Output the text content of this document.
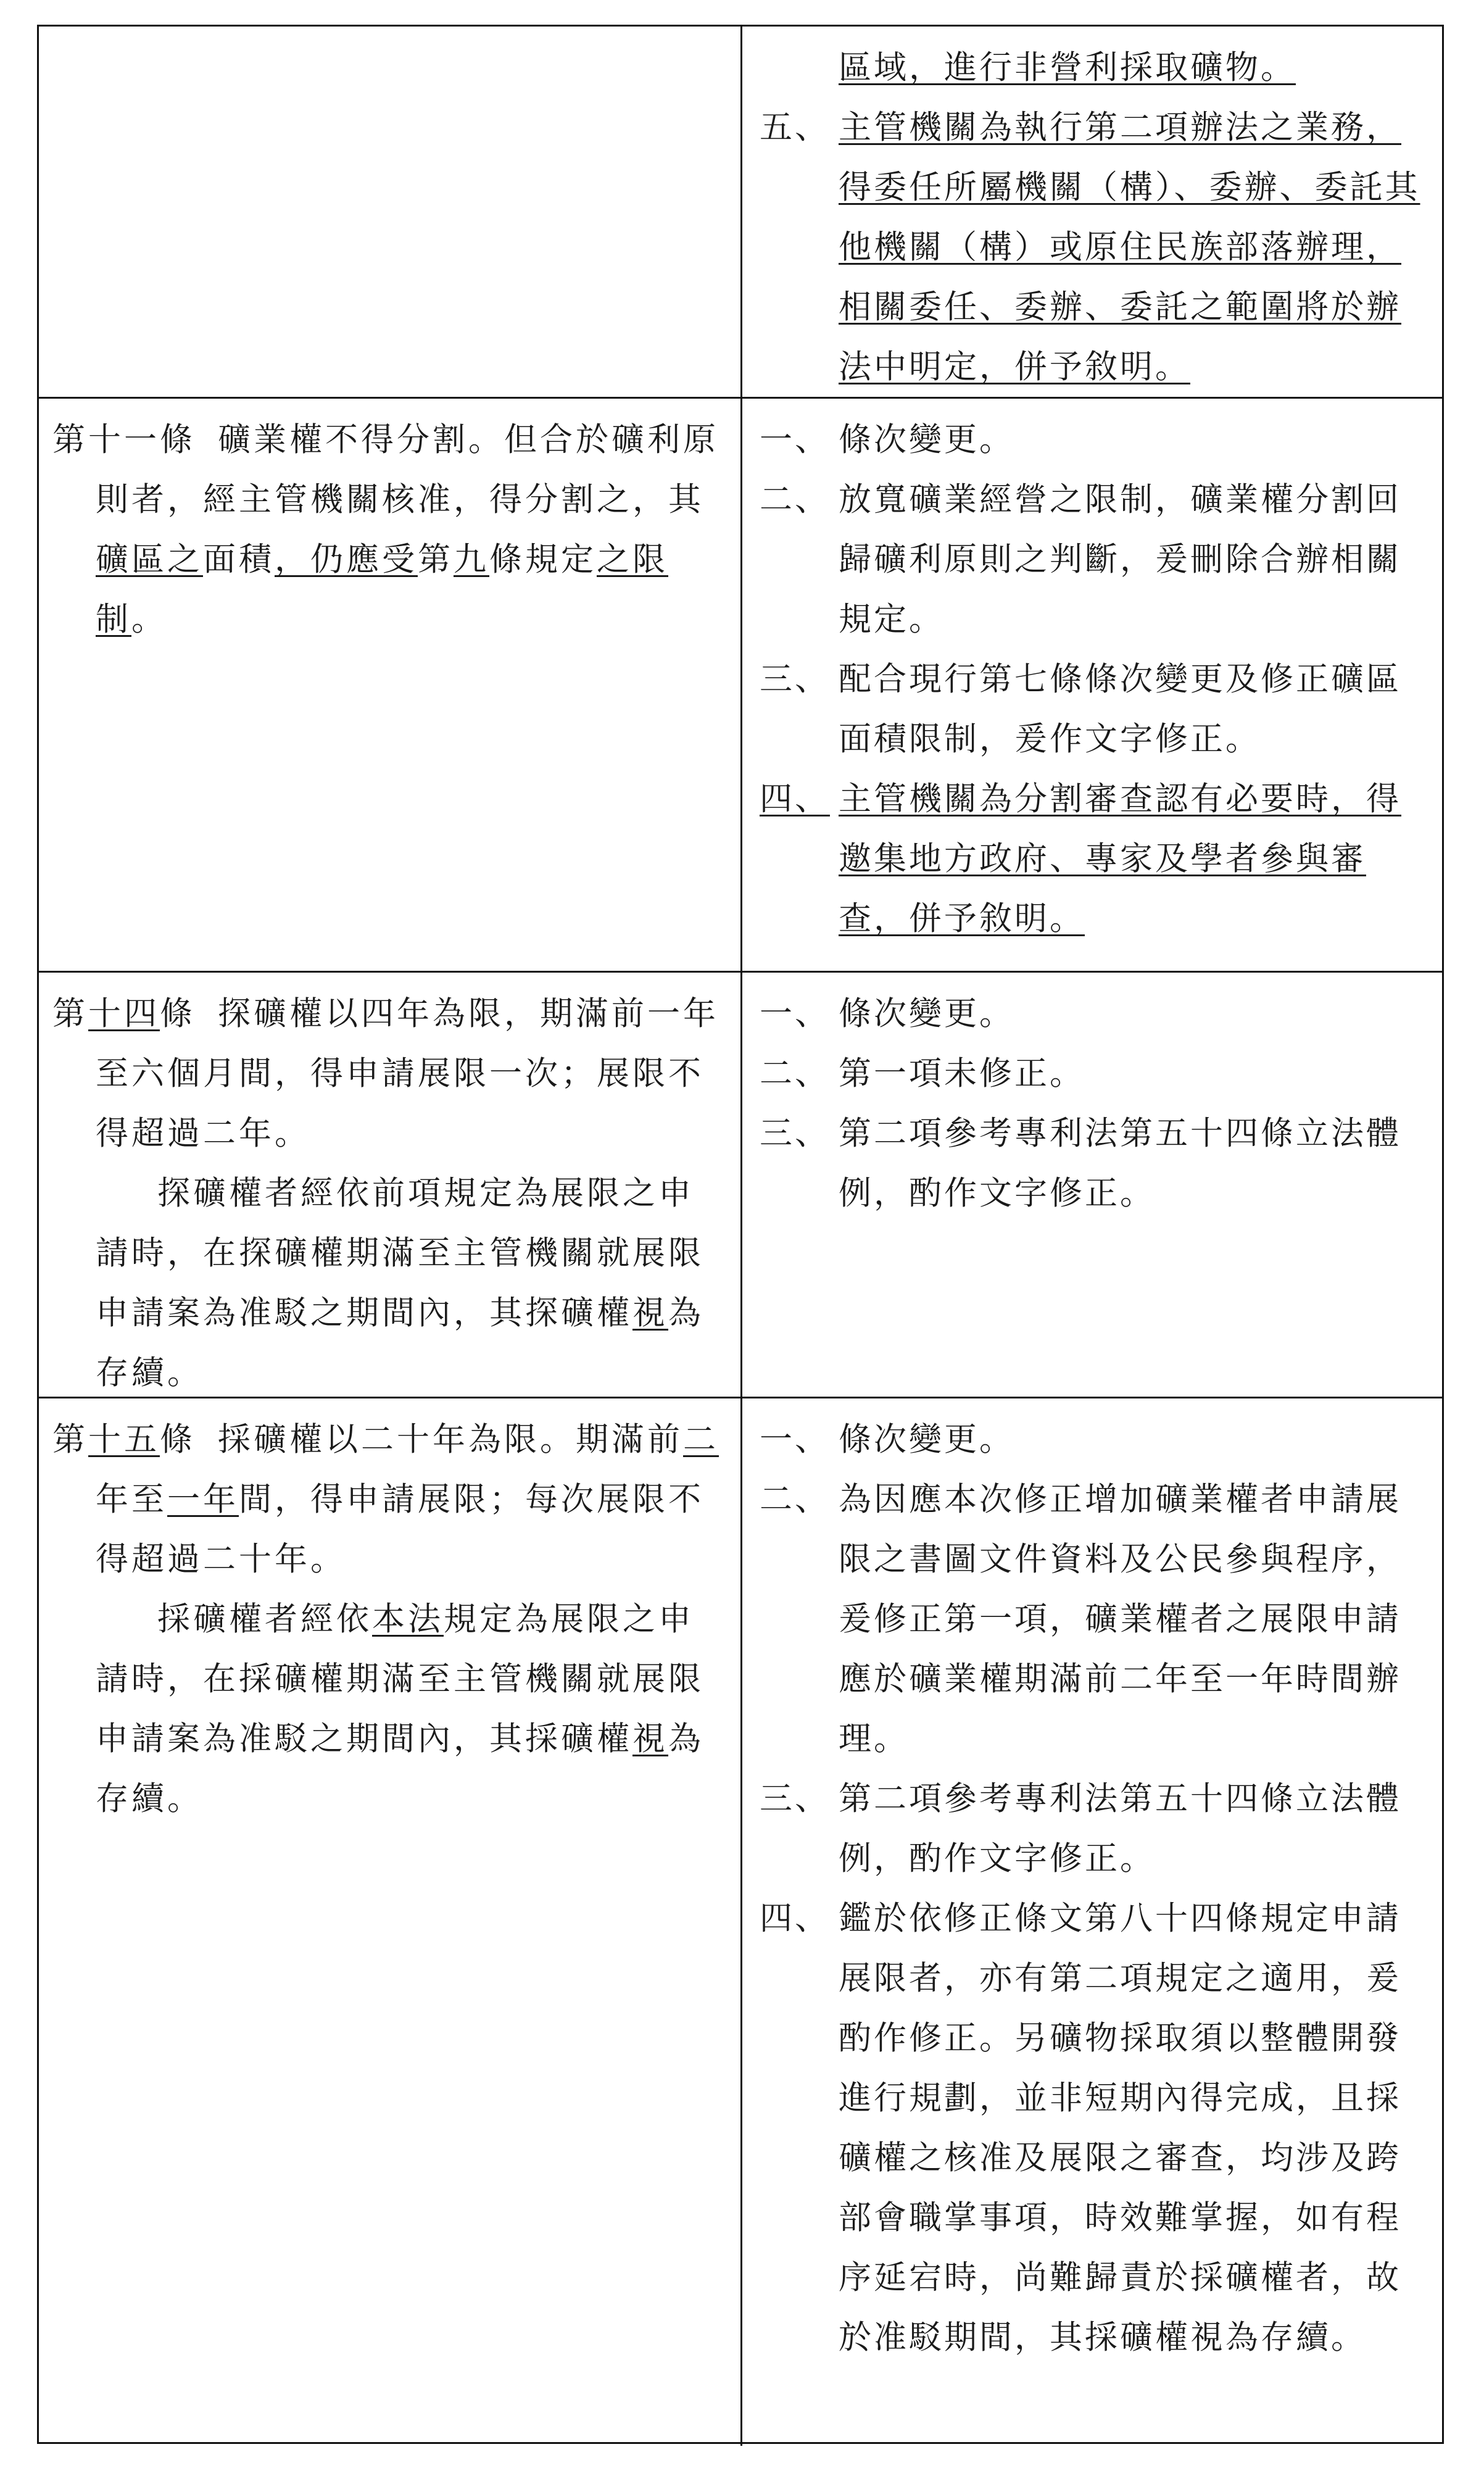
區域，進行非營利採取礦物。

五、 主管機關為執行第二項辦法之業務，得委任所屬機關（構）、委辦、委託其他機關（構）或原住民族部落辦理，相關委任、委辦、委託之範圍將於辦法中明定，併予敘明。

第十一條 礦業權不得分割。但合於礦利原則者，經主管機關核准，得分割之，其礦區之面積，仍應受第九條規定之限制。

一、 條次變更。
二、 放寬礦業經營之限制，礦業權分割回歸礦利原則之判斷，爰刪除合辦相關規定。
三、 配合現行第七條條次變更及修正礦區面積限制，爰作文字修正。
四、 主管機關為分割審查認有必要時，得邀集地方政府、專家及學者參與審查，併予敘明。

第十四條 探礦權以四年為限，期滿前一年至六個月間，得申請展限一次；展限不得超過二年。

探礦權者經依前項規定為展限之申請時，在探礦權期滿至主管機關就展限申請案為准駁之期間內，其探礦權視為存續。

一、 條次變更。
二、 第一項未修正。
三、 第二項參考專利法第五十四條立法體例，酌作文字修正。

第十五條 採礦權以二十年為限。期滿前二年至一年間，得申請展限；每次展限不得超過二十年。

採礦權者經依本法規定為展限之申請時，在採礦權期滿至主管機關就展限申請案為准駁之期間內，其採礦權視為存續。

一、 條次變更。
二、 為因應本次修正增加礦業權者申請展限之書圖文件資料及公民參與程序，爰修正第一項，礦業權者之展限申請應於礦業權期滿前二年至一年時間辦理。
三、 第二項參考專利法第五十四條立法體例，酌作文字修正。
四、 鑑於依修正條文第八十四條規定申請展限者，亦有第二項規定之適用，爰酌作修正。另礦物採取須以整體開發進行規劃，並非短期內得完成，且採礦權之核准及展限之審查，均涉及跨部會職掌事項，時效難掌握，如有程序延宕時，尚難歸責於採礦權者，故於准駁期間，其採礦權視為存續。
